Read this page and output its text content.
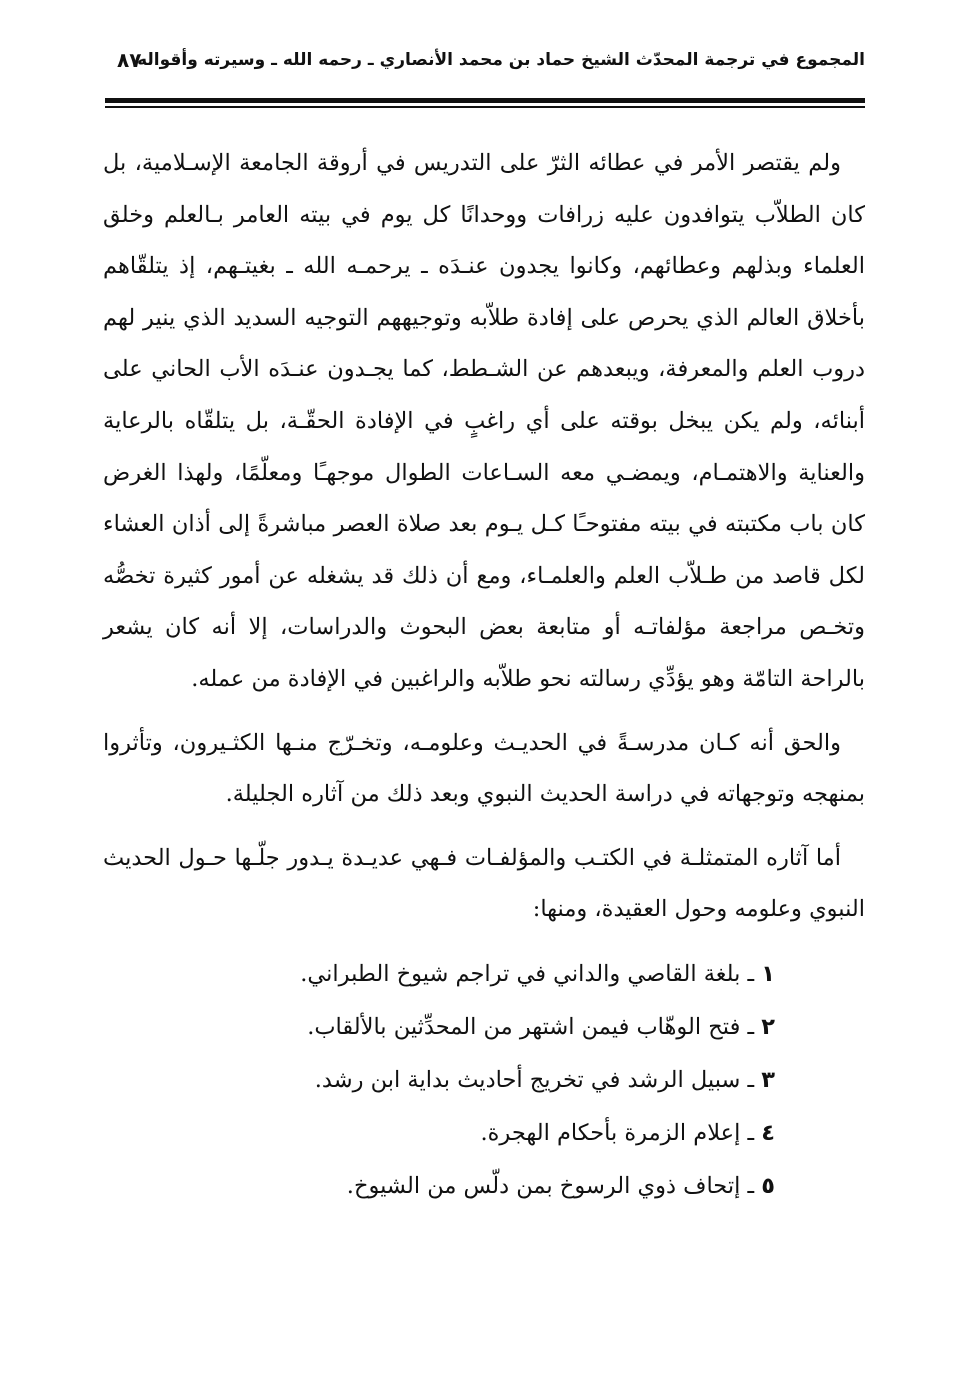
المجموع في ترجمة المحدّث الشيخ حماد بن محمد الأنصاري ـ رحمه الله ـ وسيرته وأقواله
٨٧

ولم يقتصر الأمر في عطائه الثرّ على التدريس في أروقة الجامعة الإسـلامية، بل كان الطلاّب يتوافدون عليه زرافات ووحدانًا كل يوم في بيته العامر بـالعلم وخلق العلماء وبذلهم وعطائهم، وكانوا يجدون عنـدَه ـ يرحمـه الله ـ بغيتـهم، إذ يتلقّاهم بأخلاق العالم الذي يحرص على إفادة طلاّبه وتوجيههم التوجيه السديد الذي ينير لهم دروب العلم والمعرفة، ويبعدهم عن الشـطط، كما يجـدون عنـدَه الأب الحاني على أبنائه، ولم يكن يبخل بوقته على أي راغبٍ في الإفادة الحقّـة، بل يتلقّاه بالرعاية والعناية والاهتمـام، ويمضـي معه السـاعات الطوال موجهـًا ومعلّمًا، ولهذا الغرض كان باب مكتبته في بيته مفتوحـًا كـل يـوم بعد صلاة العصر مباشرةً إلى أذان العشاء لكل قاصد من طـلاّب العلم والعلمـاء، ومع أن ذلك قد يشغله عن أمور كثيرة تخصُّه وتخـص مراجعة مؤلفاتـه أو متابعة بعض البحوث والدراسات، إلا أنه كان يشعر بالراحة التامّة وهو يؤدِّي رسالته نحو طلاّبه والراغبين في الإفادة من عمله.

والحق أنه كـان مدرسـةً في الحديـث وعلومـه، وتخـرّج منـها الكثـيرون، وتأثروا بمنهجه وتوجهاته في دراسة الحديث النبوي وبعد ذلك من آثاره الجليلة.

أما آثاره المتمثلـة في الكتـب والمؤلفـات فـهي عديـدة يـدور جلّـها حـول الحديث النبوي وعلومه وحول العقيدة، ومنها:

١ ـ بلغة القاصي والداني في تراجم شيوخ الطبراني.
٢ ـ فتح الوهّاب فيمن اشتهر من المحدِّثين بالألقاب.
٣ ـ سبيل الرشد في تخريج أحاديث بداية ابن رشد.
٤ ـ إعلام الزمرة بأحكام الهجرة.
٥ ـ إتحاف ذوي الرسوخ بمن دلّس من الشيوخ.
